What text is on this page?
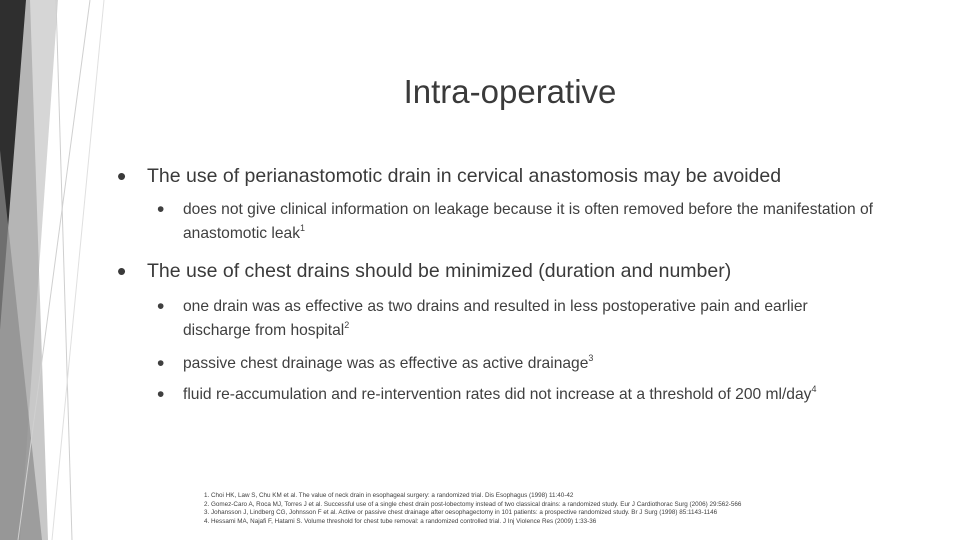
Intra-operative
•
The use of perianastomotic drain in cervical anastomosis may be avoided
•
does not give clinical information on leakage because it is often removed before the manifestation of anastomotic leak$^1$
•
The use of chest drains should be minimized (duration and number)
•
one drain was as effective as two drains and resulted in less postoperative pain and earlier discharge from hospital$^2$
•
passive chest drainage was as effective as active drainage$^3$
•
fluid re-accumulation and re-intervention rates did not increase at a threshold of 200 ml/day$^4$
1. Choi HK, Law S, Chu KM et al. The value of neck drain in esophageal surgery: a randomized trial. Dis Esophagus (1998) 11:40-42
2. Gomez-Caro A, Roca MJ, Torres J et al. Successful use of a single chest drain post-lobectomy instead of two classical drains: a randomized study. Eur J Cardiothorac Surg (2006) 29:562-566
3. Johansson J, Lindberg CG, Johnsson F et al. Active or passive chest drainage after oesophagectomy in 101 patients: a prospective randomized study. Br J Surg (1998) 85:1143-1146
4. Hessami MA, Najafi F, Hatami S. Volume threshold for chest tube removal: a randomized controlled trial. J Inj Violence Res (2009) 1:33-36
